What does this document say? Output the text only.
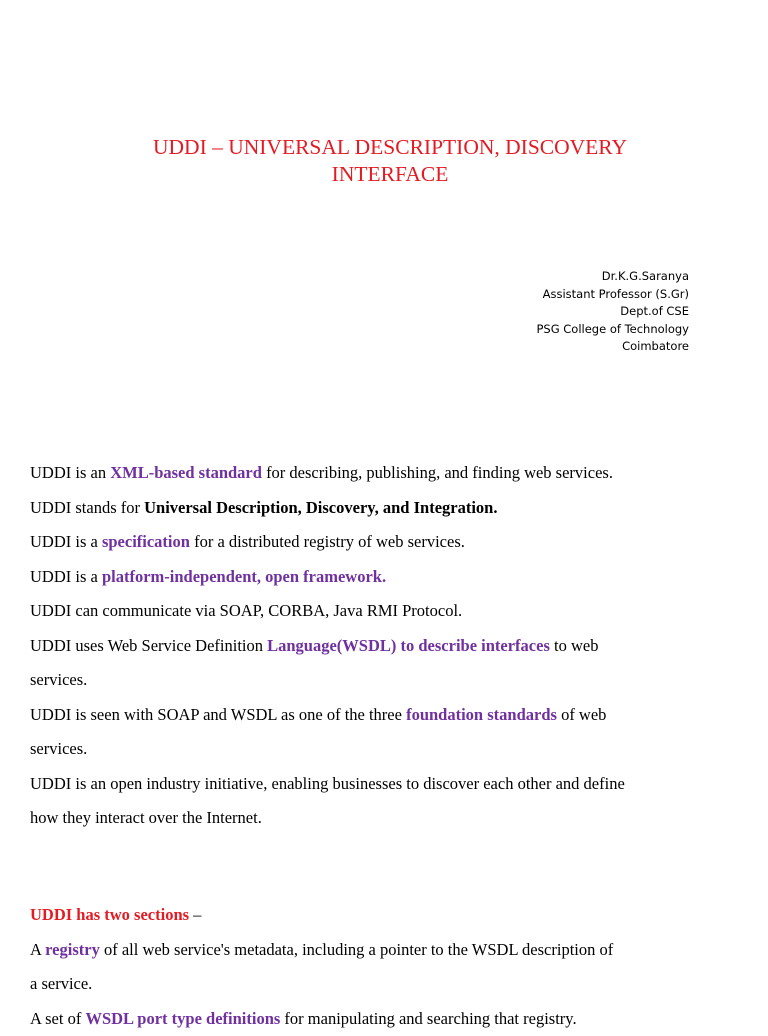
UDDI – UNIVERSAL DESCRIPTION, DISCOVERY
INTERFACE
Dr.K.G.Saranya
Assistant Professor (S.Gr)
Dept.of CSE
PSG College of Technology
Coimbatore
UDDI is an XML-based standard for describing, publishing, and finding web services.
UDDI stands for Universal Description, Discovery, and Integration.
UDDI is a specification for a distributed registry of web services.
UDDI is a platform-independent, open framework.
UDDI can communicate via SOAP, CORBA, Java RMI Protocol.
UDDI uses Web Service Definition Language(WSDL) to describe interfaces to web
services.
UDDI is seen with SOAP and WSDL as one of the three foundation standards of web
services.
UDDI is an open industry initiative, enabling businesses to discover each other and define
how they interact over the Internet.
UDDI has two sections –
A registry of all web service's metadata, including a pointer to the WSDL description of
a service.
A set of WSDL port type definitions for manipulating and searching that registry.
